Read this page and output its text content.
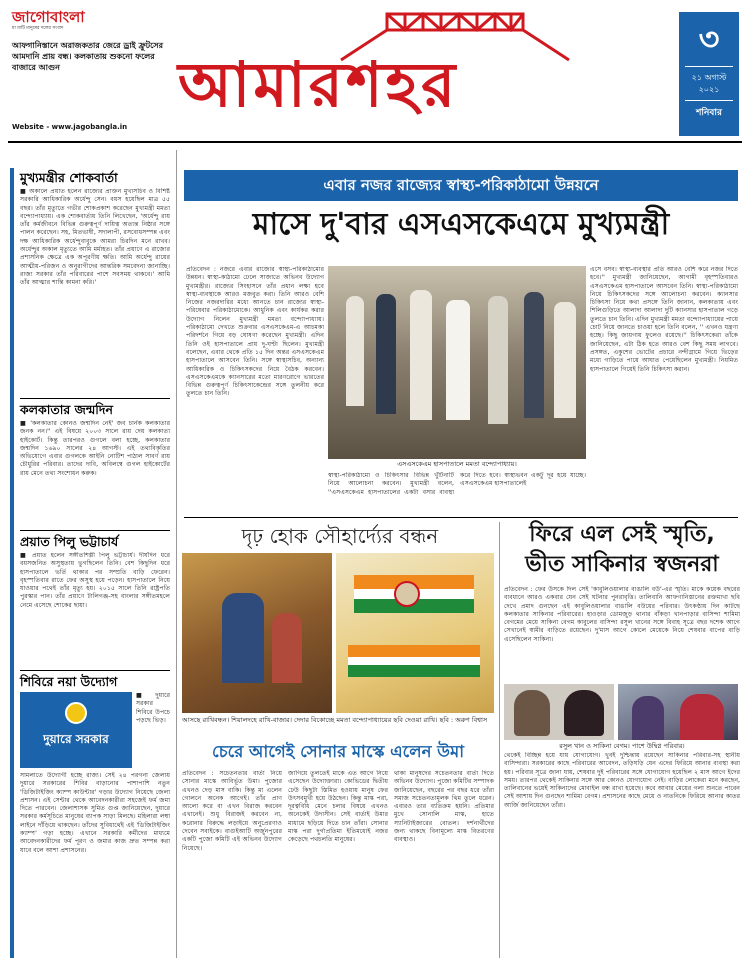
জাগোবাংলা
মা মাটি মানুষের দলের সংবাদ
আফগানিস্তানে অরাজকতার জেরে ড্রাই ফ্রুটসের আমদানি প্রায় বন্ধ। কলকাতায় শুকনো ফলের বাজারে আগুন
Website - www.jagobangla.in
আমারশহর
৩
২১ অগাস্ট ২০২১
শনিবার
মুখ্যমন্ত্রীর শোকবার্তা
■ অকালে প্রয়াত হলেন রাজ্যের প্রাক্তন মুখ্যসচিব ও বিশিষ্ট সরকারি আধিকারিক অর্ধেন্দু সেন। বয়স হয়েছিল মাত্র ৫৫ বছর। তাঁর মৃত্যুতে গভীর শোকপ্রকাশ করেছেন মুখ্যমন্ত্রী মমতা বন্দ্যোপাধ্যায়। এক শোকবার্তায় তিনি লিখেছেন, 'অর্ধেন্দু রায় তাঁর কর্মজীবনে বিভিন্ন গুরুত্বপূর্ণ দায়িত্ব অত্যন্ত নিষ্ঠার সঙ্গে পালন করেছেন। সহ, মিতভাষী, সদালাপী, রসবোধসম্পন্ন এবং দক্ষ আধিকারিক অর্ধেন্দুবাবুকে আমরা চিরদিন মনে রাখব। অর্ধেন্দুর অকাল মৃত্যুতে আমি মর্মাহত। তাঁর প্রয়াণে এ রাজ্যের প্রশাসনিক ক্ষেত্রে এক অপূরণীয় ক্ষতি। আমি অর্ধেন্দু রায়ের আত্মীয়-পরিজন ও অনুরাগীদের আন্তরিক সমবেদনা জানাচ্ছি। রাজ্য সরকার তাঁর পরিবারের পাশে সবসময় থাকবে।' আমি তাঁর আত্মার শান্তি কামনা করি।'
কলকাতার জন্মদিন
■ 'কলকাতার কোনও জন্মদিন নেই' জব চার্নক কলকাতার জনক নন।'' এই বিষয়ে ২০০৩ সালে রায় দেয় কলকাতা হাইকোর্ট। কিন্তু তারপরও গুগলে বলা হচ্ছে, কলকাতার জন্মদিন ১৬৯০ সালের ২৪ আগস্ট। এই তথ্যবিকৃতির অভিযোগে এবার গুগলকে আইনি নোটিশ পাঠাল সাবর্ণ রায় চৌধুরির পরিবার। তাদের দাবি, অবিলম্বে গুগল হাইকোর্টের রায় মেনে তথ্য সংশোধন করুক।
প্রয়াত পিলু ভট্টাচার্য
■ প্রয়াত হলেন সঙ্গীতশিল্পী পিলু ভট্টাচার্য। দীর্ঘদিন ধরে বয়সজনিত অসুস্থতায় ভুগছিলেন তিনি। বেশ কিছুদিন ধরে হাসপাতালে ভর্তি থাকার পর সম্প্রতি বাড়ি ফেরেন। বৃহস্পতিবার রাতে ফের অসুস্থ হয়ে পড়েন। হাসপাতালে নিয়ে যাওয়ার পথেই তাঁর মৃত্যু হয়। ২০১৫ সালে তিনি রাষ্ট্রপতি পুরস্কার পান। তাঁর প্রয়াণে টালিগঞ্জ-সহ বাংলার সঙ্গীতমহলে নেমে এসেছে শোকের ছায়া।
শিবিরে নয়া উদ্যোগ
দুয়ারে সরকার
■ দুয়ারে সরকার শিবিরে উপচে পড়ছে ভিড়।
সামলাতে উদ্যোগী হচ্ছে রাজ্য। সেই ২৪ পরগনা জেলায় দুয়ারে সরকারের শিবির বাড়ানোর পাশাপাশি নতুন 'ডিজিটাইজিং ক্যাম্প কাউন্টার' গড়ার উদ্যোগ নিয়েছে জেলা প্রশাসন। এই সেন্টার থেকে আবেদনকারীরা সহজেই ফর্ম জমা দিতে পারবেন। জেলাশাসক সুমিত গুপ্ত জানিয়েছেন, দুয়ারে সরকার কর্মসূচিতে মানুষের ব্যাপক সাড়া মিলছে। মহিলারা লম্বা লাইনে দাঁড়িয়ে থাকছেন। তাঁদের সুবিধার্থেই এই 'ডিজিটাইজিং ক্যাম্প' গড়া হচ্ছে। এখানে সরকারি কর্মীদের মাধ্যমে আবেদনকারীদের ফর্ম পূরণ ও জমার কাজ দ্রুত সম্পন্ন করা যাবে বলে আশা প্রশাসনের।
এবার নজর রাজ্যের স্বাস্থ্য-পরিকাঠামো উন্নয়নে
মাসে দু'বার এসএসকেএমে মুখ্যমন্ত্রী
প্রতিবেদন : নজরে এবার রাজ্যের স্বাস্থ্য-পরিকাঠামোর উন্নয়ন। স্বাস্থ্য-কাঠামো ঢেলে সাজাতে অভিনব উদ্যোগ মুখ্যমন্ত্রীর। রাজ্যের সিংহাসনে তাঁর প্রধান লক্ষ্য হবে স্বাস্থ্য-ব্যবস্থাকে আরও মজবুত করা। তিনি আরও বেশি নিজের নজরদারির মধ্যে আনতে চান রাজ্যের স্বাস্থ্য-পরিষেবার পরিকাঠামোকে। আধুনিক এবং কার্যকর করার উদ্যোগ নিলেন মুখ্যমন্ত্রী মমতা বন্দ্যোপাধ্যায়। পরিকাঠামো দেখতে শুক্রবার এসএসকেএম-এ আচমকা পরিদর্শনে গিয়ে বড় ঘোষণা করেছেন মুখ্যমন্ত্রী। এদিন তিনি ওই হাসপাতালে প্রায় দু-ঘণ্টা ছিলেন। মুখ্যমন্ত্রী বলেছেন, এবার থেকে প্রতি ১৫ দিন অন্তর এসএসকেএম হাসপাতালে আসবেন তিনি। সঙ্গে স্বাস্থ্যসচিব, অন্যান্য আধিকারিক ও চিকিৎসকদের নিয়ে বৈঠক করবেন। এসএসকেএমকে ক্যানসারের মতো মারণরোগে ভারতের বিভিন্ন গুরুত্বপূর্ণ চিকিৎসাকেন্দ্রের সঙ্গে তুলনীয় করে তুলতে চান তিনি।
এসএসকেএম হাসপাতালে মমতা বন্দ্যোপাধ্যায়।
স্বাস্থ্য-পরিকাঠামো ও চিকিৎসার বিভিন্ন খুঁটিনাটি নিয়ে আলোচনা করবেন। মুখ্যমন্ত্রী বলেন, ''এসএসকেএম হাসপাতালের একটা বসার ব্যবস্থা করে দিতে হবে। স্বাস্থ্যভবন একটু দূর হয়ে যাচ্ছে। এসএসকেএম হাসপাতালেই
এসে বসব। স্বাস্থ্য-ব্যবস্থার প্রতি আরও বেশি করে নজর দিতে হবে।'' মুখ্যমন্ত্রী জানিয়েছেন, আগামী বৃহস্পতিবারও এসএসকেএম হাসপাতালে আসবেন তিনি। স্বাস্থ্য-পরিকাঠামো নিয়ে চিকিৎসকদের সঙ্গে আলোচনা করবেন। ক্যানসার চিকিৎসা নিয়ে কথা প্রসঙ্গে তিনি জানান, কলকাতায় এবং শিলিগুড়িতে আলাদা আলাদা দুটি ক্যানসার হাসপাতাল গড়ে তুলতে চান তিনি। এদিন মুখ্যমন্ত্রী মমতা বন্দ্যোপাধ্যায়ের পায়ে চোট নিয়ে জানতে চাওয়া হলে তিনি বলেন, '' এখনও যন্ত্রণা হচ্ছে। কিছু জায়গায় ফুলেও রয়েছে।'' চিকিৎসকেরা তাঁকে জানিয়েছেন, এটা ঠিক হতে আরও বেশ কিছু সময় লাগবে। প্রসঙ্গত, একুশের ভোটের প্রচারে নন্দীগ্রামে গিয়ে ভিড়ের মধ্যে গাড়িতে পায়ে আঘাত পেয়েছিলেন মুখ্যমন্ত্রী। নিয়মিত হাসপাতালে গিয়েই তিনি চিকিৎসা করান।
দৃঢ় হোক সৌহার্দ্যের বন্ধন
আসছে রাখিবন্ধন। শিয়ালদহে রাখি-বাজার। দেদার বিকোচ্ছে মমতা বন্দ্যোপাধ্যায়ের ছবি দেওয়া রাখি। ছবি : অরুণ বিশ্বাস
ফিরে এল সেই স্মৃতি,
ভীত সাকিনার স্বজনরা
প্রতিবেদন : ফের উসকে দিল সেই 'কাবুলিওয়ালার বাঙালি বউ'-এর স্মৃতি। মাকে কয়েক বছরের ব্যবধানে আরও একবার যেন সেই ঘটনার পুনরাবৃত্তি। তালিবানি আফগানিস্তানের রক্তমাখা ছবি দেখে প্রমাদ গুনছেন এই কাবুলিওয়ালার বাঙালি বউয়ের পরিবার। উৎকণ্ঠায় দিন কাটছে কলকাতার সাকিনার পরিবারের। হাওড়ার ডোমজুড় থানার বাঁকড়া খানপাড়ার বাসিন্দা শামিমা বেগমের মেয়ে সাকিনা বেগম কাবুলের বাসিন্দা রসুল খানের সঙ্গে বিবাহ সূত্রে বছর দশেক আগে সেখানেই স্বামীর বাড়িতে রয়েছেন। দু'মাস আগে কোলে মেয়েকে নিয়ে শেষবার বাপের বাড়ি এসেছিলেন সাকিনা।
রসুল খান ও সাকিনা বেগম। পাশে উদ্বিগ্ন পরিবার।
থেকেই বিচ্ছিন্ন হয়ে যায় যোগাযোগ। খুবই দুশ্চিন্তায় রয়েছেন সাকিনার পরিবার-সহ স্থানীয় বাসিন্দারা। সরকারের কাছে পরিবারের আবেদন, তড়িঘড়ি যেন এদের ফিরিয়ে আনার ব্যবস্থা করা হয়। পরিবার সূত্রে জানা যায়, শেষবার দুই পরিবারের সঙ্গে যোগাযোগ হয়েছিল ২ মাস আগে ইদের সময়। তারপর থেকেই সাকিনার সঙ্গে আর কোনও যোগাযোগ নেই। বাড়ির লোকেরা মনে করছেন, তালিবানের ভয়েই সাকিনাদের মোবাইল বন্ধ রাখা হয়েছে। কবে আবার মেয়ের গলা শুনতে পাবেন সেই আশায় দিন গুনছেন শামিমা বেগম। প্রশাসনের কাছে মেয়ে ও নাতনিকে ফিরিয়ে আনার কাতর আর্জি জানিয়েছেন তাঁরা।
চেরে আগেই সোনার মাস্কে এলেন উমা
প্রতিবেদন : সচেতনতার বার্তা নিয়ে সোনার মাস্কে আবির্ভূত উমা। পুজোর এখনও দেড় মাস বাকি। কিন্তু মা এলেন গোলনে অনেক আগেই। তাঁর প্রাণ আলো করে বা এখন বিরাজ করবেন এখানেই। শুধু বিরাজই করবেন না, করোনার বিরুদ্ধে লড়াইয়ে অনুপ্রেরণাও দেবেন সবাইকে। বাগুইআটি অর্জুনপুরের একটি পুজো কমিটি এই অভিনব উদ্যোগ নিয়েছে।
জাগিয়ে তুলতেই মাকে এত আগে নিয়ে এসেছেন উদ্যোক্তারা। কোভিডের দ্বিতীয় ঢেউ কিছুটা স্তিমিত হওয়ায় মানুষ ফের উৎসবমুখী হয়ে উঠছেন। কিন্তু মাস্ক পরা, দূরত্ববিধি মেনে চলার বিষয়ে এখনও অনেকেই উদাসীন। সেই বার্তাই উমার মাধ্যমে ছড়িয়ে দিতে চান তাঁরা। সোনার মাস্ক পরা দুর্গাপ্রতিমা ইতিমধ্যেই নজর কেড়েছে পথচলতি মানুষের।
থাকা মানুষদের সচেতনতার বার্তা দিতে অভিনব উদ্যোগ। পুজো কমিটির সম্পাদক জানিয়েছেন, বছরের পর বছর ধরে তাঁরা সমাজ সচেতনতামূলক থিম তুলে ধরেন। এবারও তার ব্যতিক্রম হয়নি। প্রতিমার মুখে সোনালি মাস্ক, হাতে স্যানিটাইজারের বোতল। দর্শনার্থীদের জন্য থাকছে বিনামূল্যে মাস্ক বিতরণের ব্যবস্থাও।
